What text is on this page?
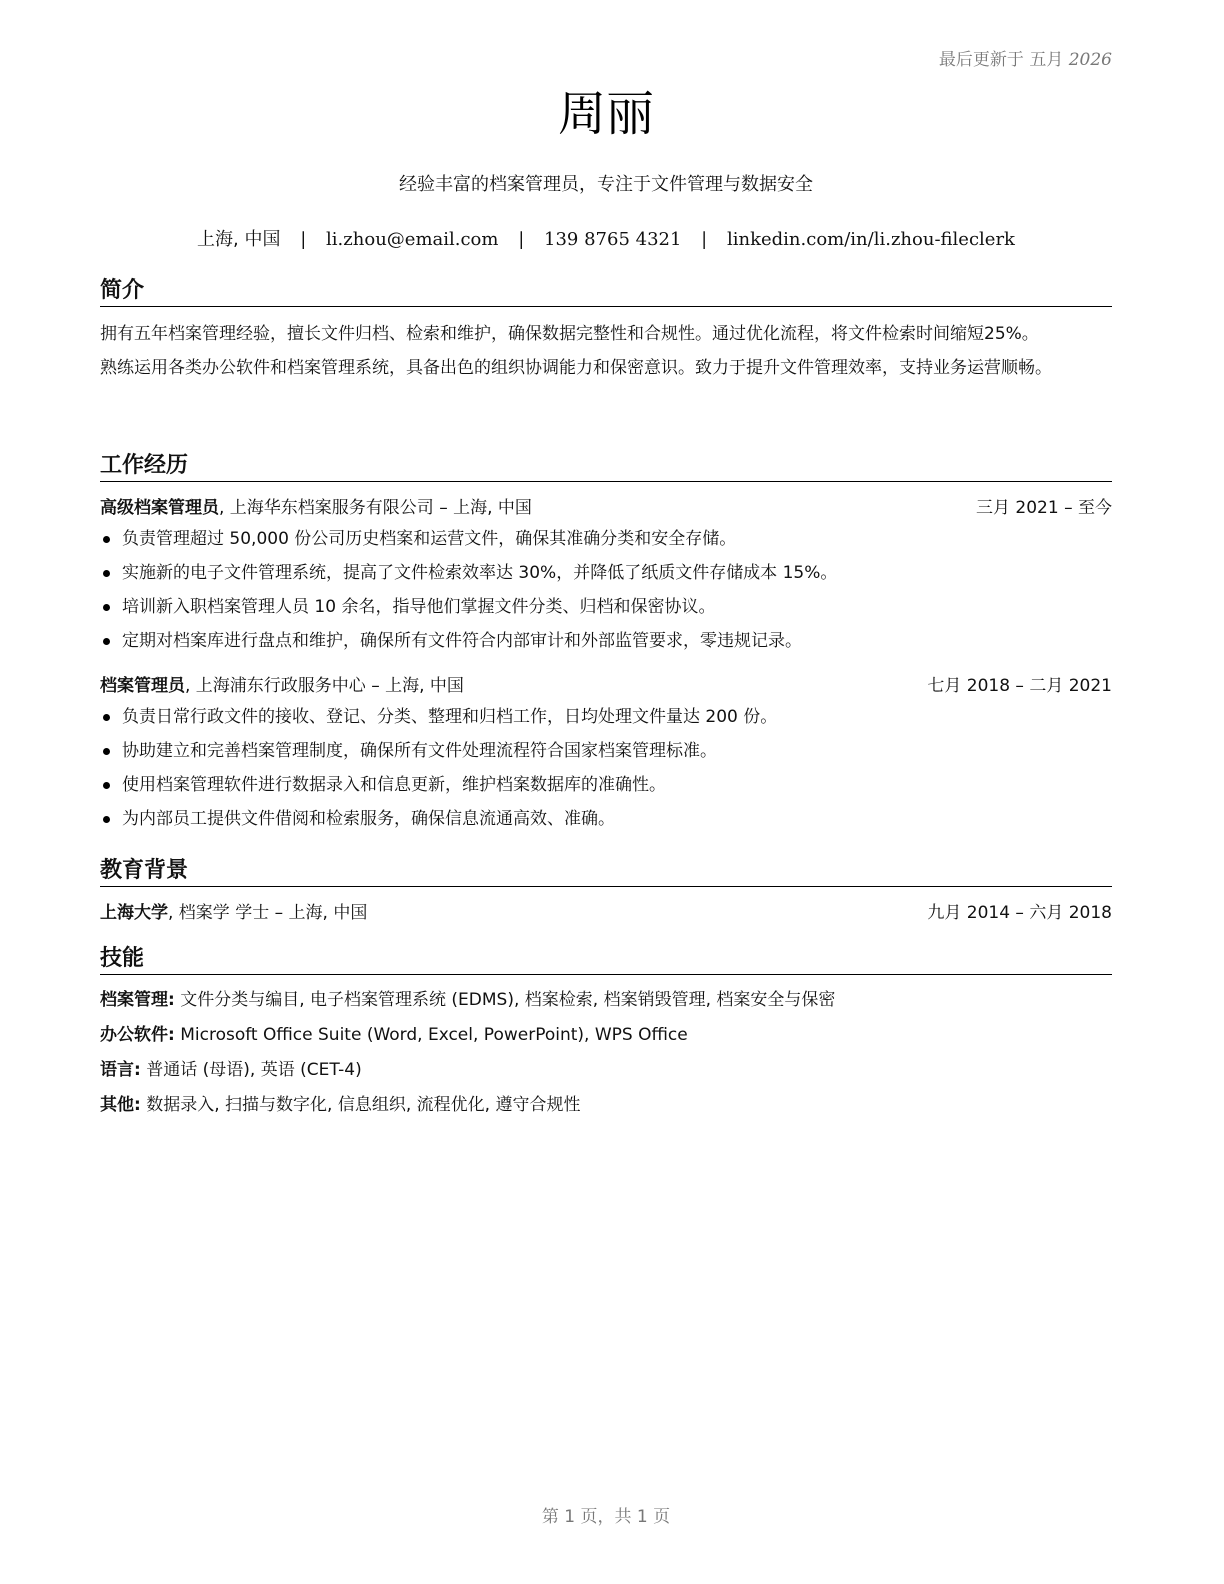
最后更新于 五月 2026
周丽
经验丰富的档案管理员，专注于文件管理与数据安全
上海, 中国 | li.zhou@email.com | 139 8765 4321 | linkedin.com/in/li.zhou-fileclerk
简介

拥有五年档案管理经验，擅长文件归档、检索和维护，确保数据完整性和合规性。通过优化流程，将文件检索时间缩短25%。

熟练运用各类办公软件和档案管理系统，具备出色的组织协调能力和保密意识。致力于提升文件管理效率，支持业务运营顺畅。

工作经历
高级档案管理员, 上海华东档案服务有限公司 – 上海, 中国	三月 2021 – 至今
负责管理超过 50,000 份公司历史档案和运营文件，确保其准确分类和安全存储。
实施新的电子文件管理系统，提高了文件检索效率达 30%，并降低了纸质文件存储成本 15%。
培训新入职档案管理人员 10 余名，指导他们掌握文件分类、归档和保密协议。
定期对档案库进行盘点和维护，确保所有文件符合内部审计和外部监管要求，零违规记录。
档案管理员, 上海浦东行政服务中心 – 上海, 中国	七月 2018 – 二月 2021
负责日常行政文件的接收、登记、分类、整理和归档工作，日均处理文件量达 200 份。
协助建立和完善档案管理制度，确保所有文件处理流程符合国家档案管理标准。
使用档案管理软件进行数据录入和信息更新，维护档案数据库的准确性。
为内部员工提供文件借阅和检索服务，确保信息流通高效、准确。
教育背景
上海大学, 档案学 学士 – 上海, 中国	九月 2014 – 六月 2018
技能
档案管理: 文件分类与编目, 电子档案管理系统 (EDMS), 档案检索, 档案销毁管理, 档案安全与保密
办公软件: Microsoft Office Suite (Word, Excel, PowerPoint), WPS Office
语言: 普通话 (母语), 英语 (CET-4)
其他: 数据录入, 扫描与数字化, 信息组织, 流程优化, 遵守合规性
第 1 页，共 1 页
